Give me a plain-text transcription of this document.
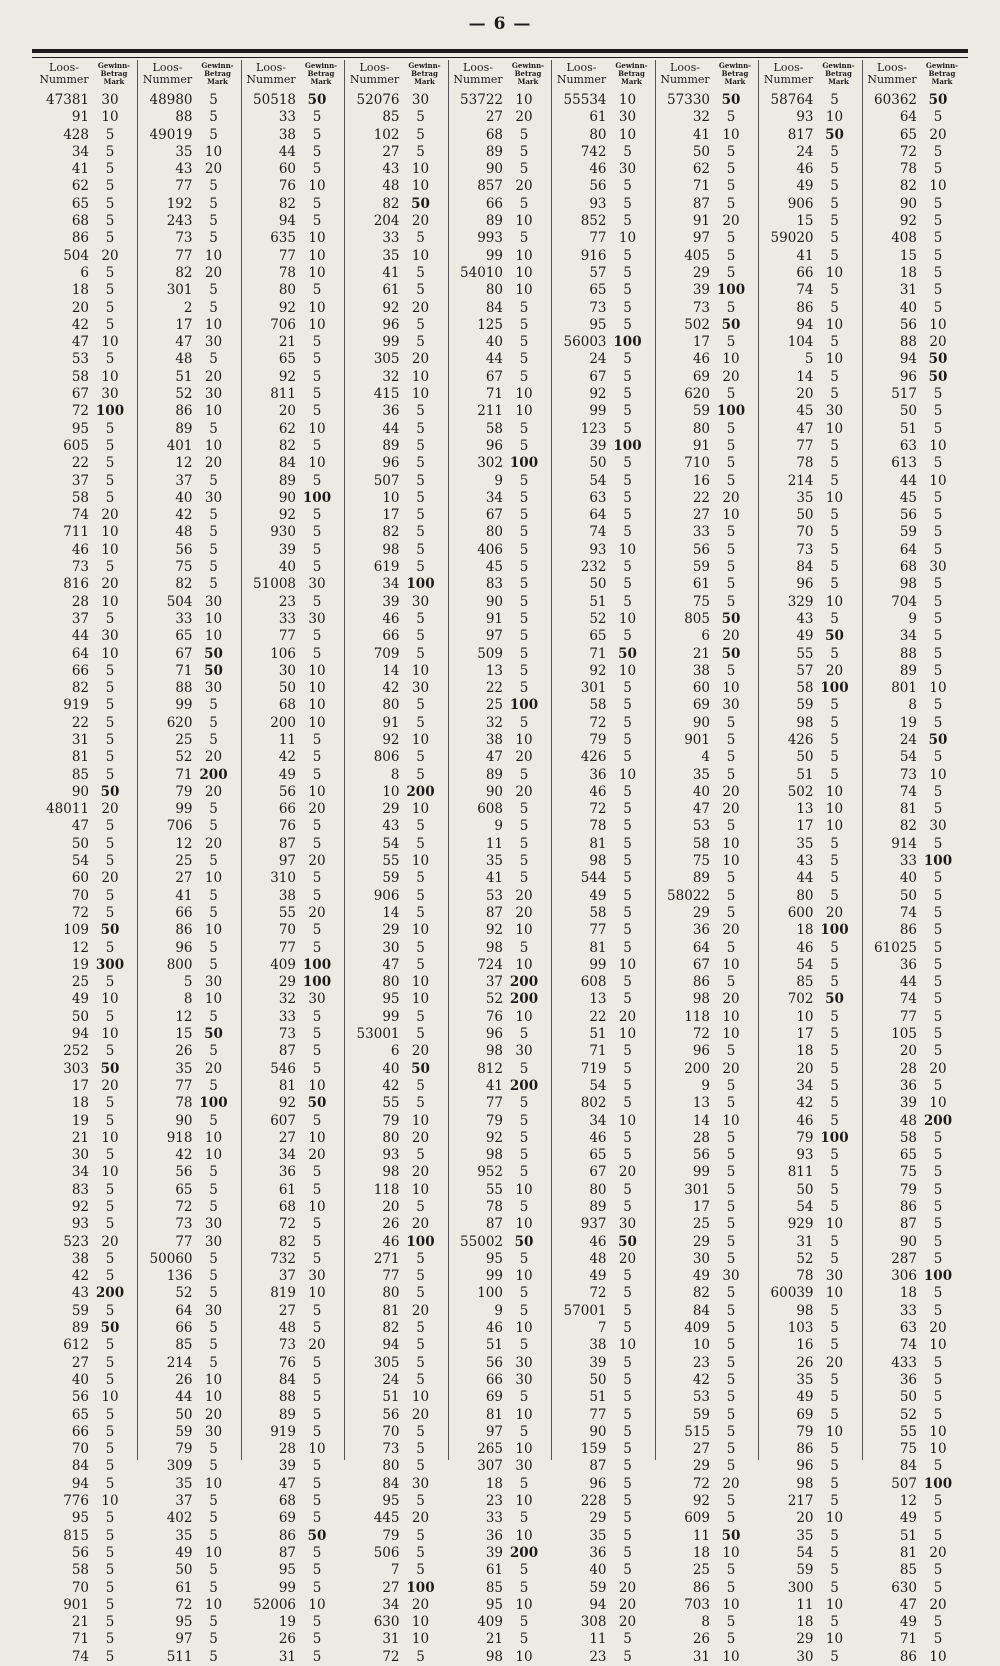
— 6 —
Loos-
Nummer
Gewinn-
Betrag
Mark
47381 30
91 10
428	5
34	5
41	5
62	5
65	5
68	5
86	5
504 20
6	5
18	5
20	5
42	5
47 10
53	5
58 10
67 30
72 100
95	5
605	5
22	5
37	5
58	5
74 20
711 10
46 10
73	5
816 20
28 10
37	5
44 30
64 10
66	5
82	5
919	5
22	5
31	5
81	5
85	5
90 50
48011 20
47	5
50	5
54	5
60 20
70	5
72	5
109 50
12	5
19 300
25	5
49 10
50	5
94 10
252	5
303 50
17 20
18	5
19	5
21 10
30	5
34 10
83	5
92	5
93	5
523 20
38	5
42	5
43 200
59	5
89 50
612	5
27	5
40	5
56 10
65	5
66	5
70	5
84	5
94	5
776 10
95	5
815	5
56	5
58	5
70	5
901	5
21	5
71	5
74	5
Loos-
Nummer
Gewinn-
Betrag
Mark
48980	5
88	5
49019	5
35 10
43 20
77	5
192	5
243	5
73	5
77 10
82 20
301	5
2	5
17 10
47 30
48	5
51 20
52 30
86 10
89	5
401 10
12 20
37	5
40 30
42	5
48	5
56	5
75	5
82	5
504 30
33 10
65 10
67 50
71 50
88 30
99	5
620	5
25	5
52 20
71 200
79 20
99	5
706	5
12 20
25	5
27 10
41	5
66	5
86 10
96	5
800	5
5 30
8 10
12	5
15 50
26	5
35 20
77	5
78 100
90	5
918 10
42 10
56	5
65	5
72	5
73 30
77 30
50060	5
136	5
52	5
64 30
66	5
85	5
214	5
26 10
44 10
50 20
59 30
79	5
309	5
35 10
37	5
402	5
35	5
49 10
50	5
61	5
72 10
95	5
97	5
511	5
Loos-
Nummer
Gewinn-
Betrag
Mark
50518 50
33	5
38	5
44	5
60	5
76 10
82	5
94	5
635 10
77 10
78 10
80	5
92 10
706 10
21	5
65	5
92	5
811	5
20	5
62 10
82	5
84 10
89	5
90 100
92	5
930	5
39	5
40	5
51008 30
23	5
33 30
77	5
106	5
30 10
50 10
68 10
200 10
11	5
42	5
49	5
56 10
66 20
76	5
87	5
97 20
310	5
38	5
55 20
70	5
77	5
409 100
29 100
32 30
33	5
73	5
87	5
546	5
81 10
92 50
607	5
27 10
34 20
36	5
61	5
68 10
72	5
82	5
732	5
37 30
819 10
27	5
48	5
73 20
76	5
84	5
88	5
89	5
919	5
28 10
39	5
47	5
68	5
69	5
86 50
87	5
95	5
99	5
52006 10
19	5
26	5
31	5
Loos-
Nummer
Gewinn-
Betrag
Mark
52076 30
85	5
102	5
27	5
43 10
48 10
82 50
204 20
33	5
35 10
41	5
61	5
92 20
96	5
99	5
305 20
32 10
415 10
36	5
44	5
89	5
96	5
507	5
10	5
17	5
82	5
98	5
619	5
34 100
39 30
46	5
66	5
709	5
14 10
42 30
80	5
91	5
92 10
806	5
8	5
10 200
29 10
43	5
54	5
55 10
59	5
906	5
14	5
29 10
30	5
47	5
80 10
95 10
99	5
53001	5
6 20
40 50
42	5
55	5
79 10
80 20
93	5
98 20
118 10
20	5
26 20
46 100
271	5
77	5
80	5
81 20
82	5
94	5
305	5
24	5
51 10
56 20
70	5
73	5
80	5
84 30
95	5
445 20
79	5
506	5
7	5
27 100
34 20
630 10
31 10
72	5
Loos-
Nummer
Gewinn-
Betrag
Mark
53722 10
27 20
68	5
89	5
90	5
857 20
66	5
89 10
993	5
99 10
54010 10
80 10
84	5
125	5
40	5
44	5
67	5
71 10
211 10
58	5
96	5
302 100
9	5
34	5
67	5
80	5
406	5
45	5
83	5
90	5
91	5
97	5
509	5
13	5
22	5
25 100
32	5
38 10
47 20
89	5
90 20
608	5
9	5
11	5
35	5
41	5
53 20
87 20
92 10
98	5
724 10
37 200
52 200
76 10
96	5
98 30
812	5
41 200
77	5
79	5
92	5
98	5
952	5
55 10
78	5
87 10
55002 50
95	5
99 10
100	5
9	5
46 10
51	5
56 30
66 30
69	5
81 10
97	5
265 10
307 30
18	5
23 10
33	5
36 10
39 200
61	5
85	5
95 10
409	5
21	5
98 10
Loos-
Nummer
Gewinn-
Betrag
Mark
55534 10
61 30
80 10
742	5
46 30
56	5
93	5
852	5
77 10
916	5
57	5
65	5
73	5
95	5
56003 100
24	5
67	5
92	5
99	5
123	5
39 100
50	5
54	5
63	5
64	5
74	5
93 10
232	5
50	5
51	5
52 10
65	5
71 50
92 10
301	5
58	5
72	5
79	5
426	5
36 10
46	5
72	5
78	5
81	5
98	5
544	5
49	5
58	5
77	5
81	5
99 10
608	5
13	5
22 20
51 10
71	5
719	5
54	5
802	5
34 10
46	5
65	5
67 20
80	5
89	5
937 30
46 50
48 20
49	5
72	5
57001	5
7	5
38 10
39	5
50	5
51	5
77	5
90	5
159	5
87	5
96	5
228	5
29	5
35	5
36	5
40	5
59 20
94 20
308 20
11	5
23	5
Loos-
Nummer
Gewinn-
Betrag
Mark
57330 50
32	5
41 10
50	5
62	5
71	5
87	5
91 20
97	5
405	5
29	5
39 100
73	5
502 50
17	5
46 10
69 20
620	5
59 100
80	5
91	5
710	5
16	5
22 20
27 10
33	5
56	5
59	5
61	5
75	5
805 50
6 20
21 50
38	5
60 10
69 30
90	5
901	5
4	5
35	5
40 20
47 20
53	5
58 10
75 10
89	5
58022	5
29	5
36 20
64	5
67 10
86	5
98 20
118 10
72 10
96	5
200 20
9	5
13	5
14 10
28	5
56	5
99	5
301	5
17	5
25	5
29	5
30	5
49 30
82	5
84	5
409	5
10	5
23	5
42	5
53	5
59	5
515	5
27	5
29	5
72 20
92	5
609	5
11 50
18 10
25	5
86	5
703 10
8	5
26	5
31 10
Loos-
Nummer
Gewinn-
Betrag
Mark
58764	5
93 10
817 50
24	5
46	5
49	5
906	5
15	5
59020	5
41	5
66 10
74	5
86	5
94 10
104	5
5 10
14	5
20	5
45 30
47 10
77	5
78	5
214	5
35 10
50	5
70	5
73	5
84	5
96	5
329 10
43	5
49 50
55	5
57 20
58 100
59	5
98	5
426	5
50	5
51	5
502 10
13 10
17 10
35	5
43	5
44	5
80	5
600 20
18 100
46	5
54	5
85	5
702 50
10	5
17	5
18	5
20	5
34	5
42	5
46	5
79 100
93	5
811	5
50	5
54	5
929 10
31	5
52	5
78 30
60039 10
98	5
103	5
16	5
26 20
35	5
49	5
69	5
79 10
86	5
96	5
98	5
217	5
20 10
35	5
54	5
59	5
300	5
11 10
18	5
29 10
30	5
Loos-
Nummer
Gewinn-
Betrag
Mark
60362 50
64	5
65 20
72	5
78	5
82 10
90	5
92	5
408	5
15	5
18	5
31	5
40	5
56 10
88 20
94 50
96 50
517	5
50	5
51	5
63 10
613	5
44 10
45	5
56	5
59	5
64	5
68 30
98	5
704	5
9	5
34	5
88	5
89	5
801 10
8	5
19	5
24 50
54	5
73 10
74	5
81	5
82 30
914	5
33 100
40	5
50	5
74	5
86	5
61025	5
36	5
44	5
74	5
77	5
105	5
20	5
28 20
36	5
39 10
48 200
58	5
65	5
75	5
79	5
86	5
87	5
90	5
287	5
306 100
18	5
33	5
63 20
74 10
433	5
36	5
50	5
52	5
55 10
75 10
84	5
507 100
12	5
49	5
51	5
81 20
85	5
630	5
47 20
49	5
71	5
86 10
